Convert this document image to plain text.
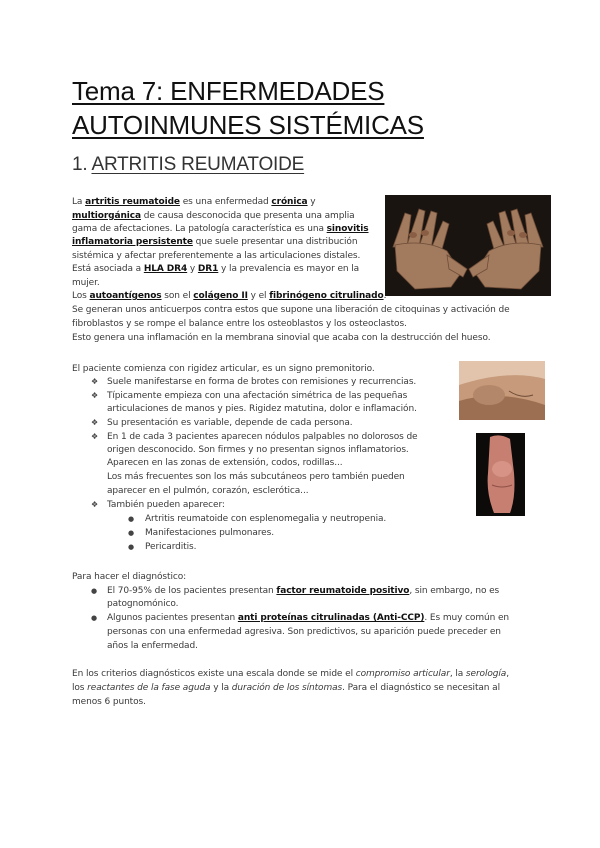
Tema 7: ENFERMEDADES
AUTOINMUNES SISTÉMICAS
1. ARTRITIS REUMATOIDE
La artritis reumatoide es una enfermedad crónica y
multiorgánica de causa desconocida que presenta una amplia
gama de afectaciones. La patología característica es una sinovitis
inflamatoria persistente que suele presentar una distribución
sistémica y afectar preferentemente a las articulaciones distales.
Está asociada a HLA DR4 y DR1 y la prevalencia es mayor en la
mujer.
Los autoantígenos son el colágeno II y el fibrinógeno citrulinado.
Se generan unos anticuerpos contra estos que supone una liberación de citoquinas y activación de
fibroblastos y se rompe el balance entre los osteoblastos y los osteoclastos.
Esto genera una inflamación en la membrana sinovial que acaba con la destrucción del hueso.
El paciente comienza con rigidez articular, es un signo premonitorio.
❖ Suele manifestarse en forma de brotes con remisiones y recurrencias.
❖ Típicamente empieza con una afectación simétrica de las pequeñas
articulaciones de manos y pies. Rigidez matutina, dolor e inflamación.
❖ Su presentación es variable, depende de cada persona.
❖ En 1 de cada 3 pacientes aparecen nódulos palpables no dolorosos de
origen desconocido. Son firmes y no presentan signos inflamatorios.
Aparecen en las zonas de extensión, codos, rodillas...
Los más frecuentes son los más subcutáneos pero también pueden
aparecer en el pulmón, corazón, esclerótica...
❖ También pueden aparecer:
● Artritis reumatoide con esplenomegalia y neutropenia.
● Manifestaciones pulmonares.
● Pericarditis.
Para hacer el diagnóstico:
● El 70-95% de los pacientes presentan factor reumatoide positivo, sin embargo, no es
patognomónico.
● Algunos pacientes presentan anti proteínas citrulinadas (Anti-CCP). Es muy común en
personas con una enfermedad agresiva. Son predictivos, su aparición puede preceder en
años la enfermedad.
En los criterios diagnósticos existe una escala donde se mide el compromiso articular, la serología,
los reactantes de la fase aguda y la duración de los síntomas. Para el diagnóstico se necesitan al
menos 6 puntos.
